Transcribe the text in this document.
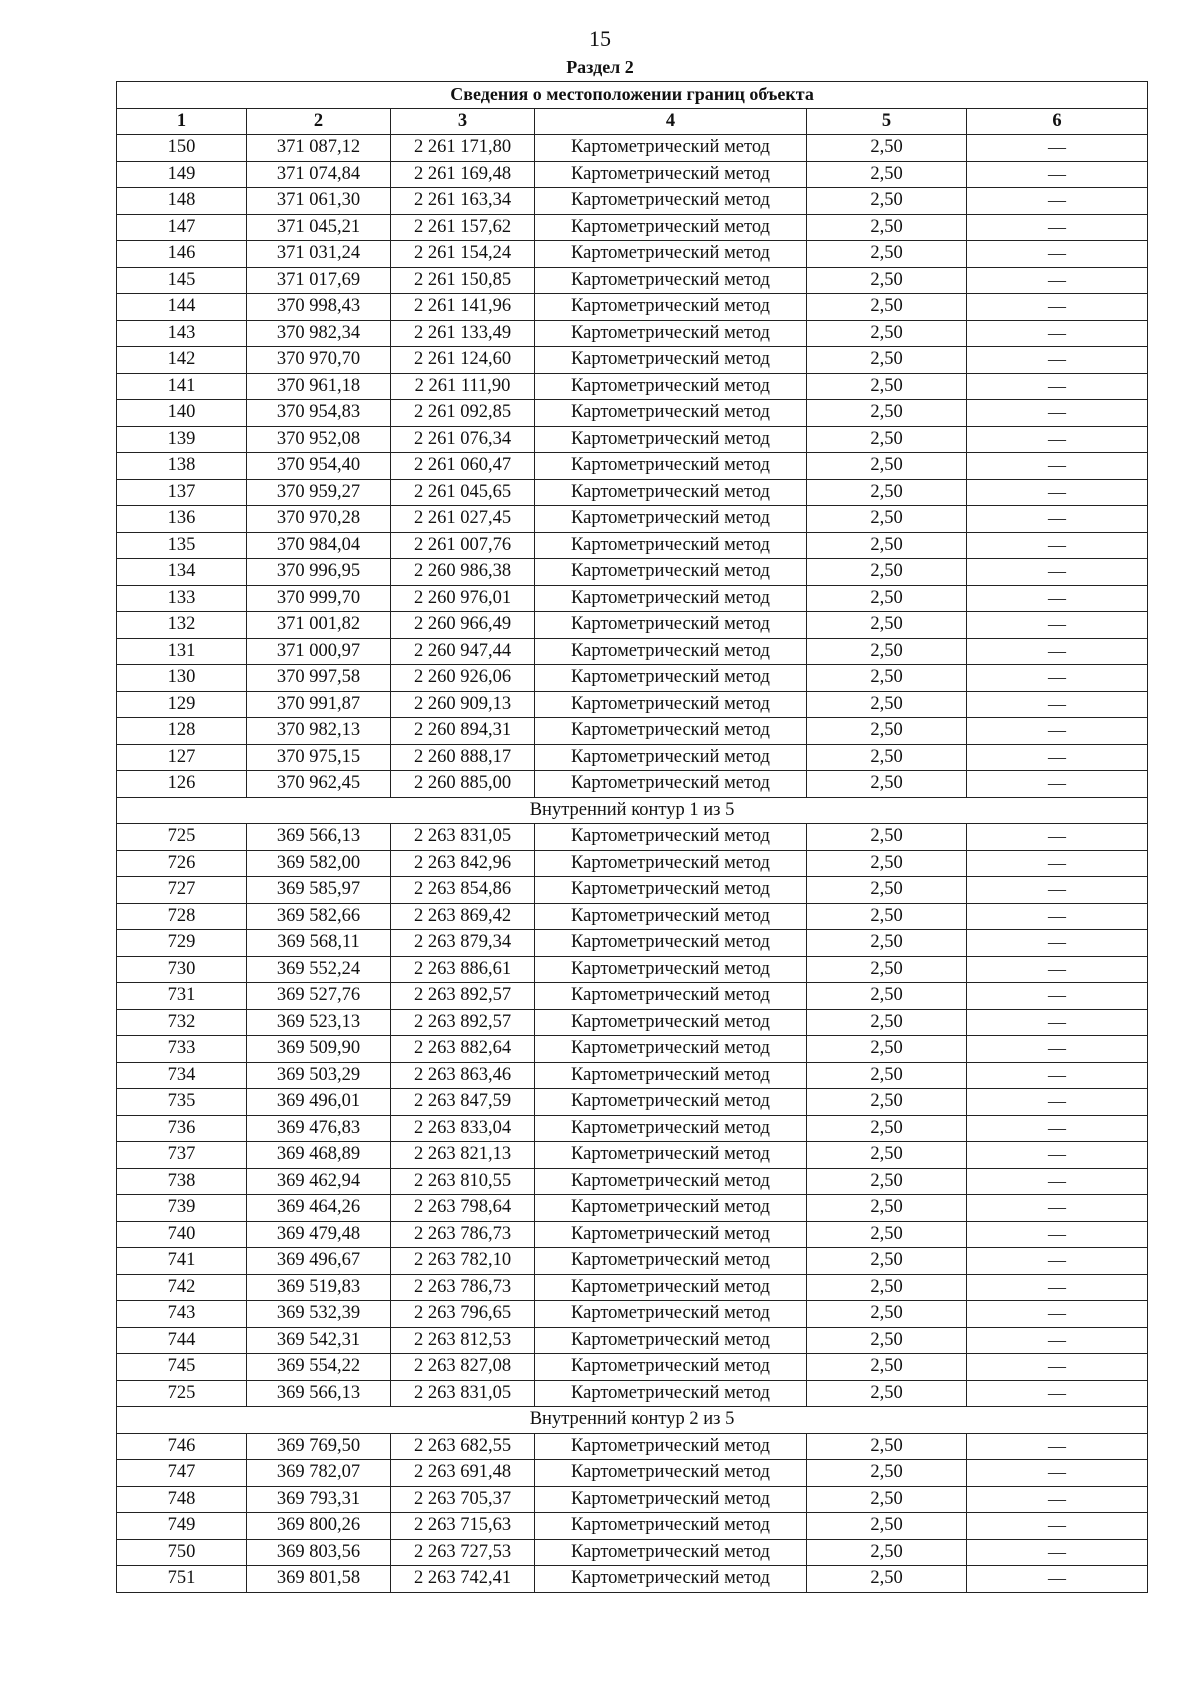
15
Раздел 2
Сведения о местоположении границ объекта					
1	2	3	4	5	6
150	371 087,12	2 261 171,80	Картометрический метод	2,50	—
149	371 074,84	2 261 169,48	Картометрический метод	2,50	—
148	371 061,30	2 261 163,34	Картометрический метод	2,50	—
147	371 045,21	2 261 157,62	Картометрический метод	2,50	—
146	371 031,24	2 261 154,24	Картометрический метод	2,50	—
145	371 017,69	2 261 150,85	Картометрический метод	2,50	—
144	370 998,43	2 261 141,96	Картометрический метод	2,50	—
143	370 982,34	2 261 133,49	Картометрический метод	2,50	—
142	370 970,70	2 261 124,60	Картометрический метод	2,50	—
141	370 961,18	2 261 111,90	Картометрический метод	2,50	—
140	370 954,83	2 261 092,85	Картометрический метод	2,50	—
139	370 952,08	2 261 076,34	Картометрический метод	2,50	—
138	370 954,40	2 261 060,47	Картометрический метод	2,50	—
137	370 959,27	2 261 045,65	Картометрический метод	2,50	—
136	370 970,28	2 261 027,45	Картометрический метод	2,50	—
135	370 984,04	2 261 007,76	Картометрический метод	2,50	—
134	370 996,95	2 260 986,38	Картометрический метод	2,50	—
133	370 999,70	2 260 976,01	Картометрический метод	2,50	—
132	371 001,82	2 260 966,49	Картометрический метод	2,50	—
131	371 000,97	2 260 947,44	Картометрический метод	2,50	—
130	370 997,58	2 260 926,06	Картометрический метод	2,50	—
129	370 991,87	2 260 909,13	Картометрический метод	2,50	—
128	370 982,13	2 260 894,31	Картометрический метод	2,50	—
127	370 975,15	2 260 888,17	Картометрический метод	2,50	—
126	370 962,45	2 260 885,00	Картометрический метод	2,50	—
Внутренний контур 1 из 5					
725	369 566,13	2 263 831,05	Картометрический метод	2,50	—
726	369 582,00	2 263 842,96	Картометрический метод	2,50	—
727	369 585,97	2 263 854,86	Картометрический метод	2,50	—
728	369 582,66	2 263 869,42	Картометрический метод	2,50	—
729	369 568,11	2 263 879,34	Картометрический метод	2,50	—
730	369 552,24	2 263 886,61	Картометрический метод	2,50	—
731	369 527,76	2 263 892,57	Картометрический метод	2,50	—
732	369 523,13	2 263 892,57	Картометрический метод	2,50	—
733	369 509,90	2 263 882,64	Картометрический метод	2,50	—
734	369 503,29	2 263 863,46	Картометрический метод	2,50	—
735	369 496,01	2 263 847,59	Картометрический метод	2,50	—
736	369 476,83	2 263 833,04	Картометрический метод	2,50	—
737	369 468,89	2 263 821,13	Картометрический метод	2,50	—
738	369 462,94	2 263 810,55	Картометрический метод	2,50	—
739	369 464,26	2 263 798,64	Картометрический метод	2,50	—
740	369 479,48	2 263 786,73	Картометрический метод	2,50	—
741	369 496,67	2 263 782,10	Картометрический метод	2,50	—
742	369 519,83	2 263 786,73	Картометрический метод	2,50	—
743	369 532,39	2 263 796,65	Картометрический метод	2,50	—
744	369 542,31	2 263 812,53	Картометрический метод	2,50	—
745	369 554,22	2 263 827,08	Картометрический метод	2,50	—
725	369 566,13	2 263 831,05	Картометрический метод	2,50	—
Внутренний контур 2 из 5					
746	369 769,50	2 263 682,55	Картометрический метод	2,50	—
747	369 782,07	2 263 691,48	Картометрический метод	2,50	—
748	369 793,31	2 263 705,37	Картометрический метод	2,50	—
749	369 800,26	2 263 715,63	Картометрический метод	2,50	—
750	369 803,56	2 263 727,53	Картометрический метод	2,50	—
751	369 801,58	2 263 742,41	Картометрический метод	2,50	—
